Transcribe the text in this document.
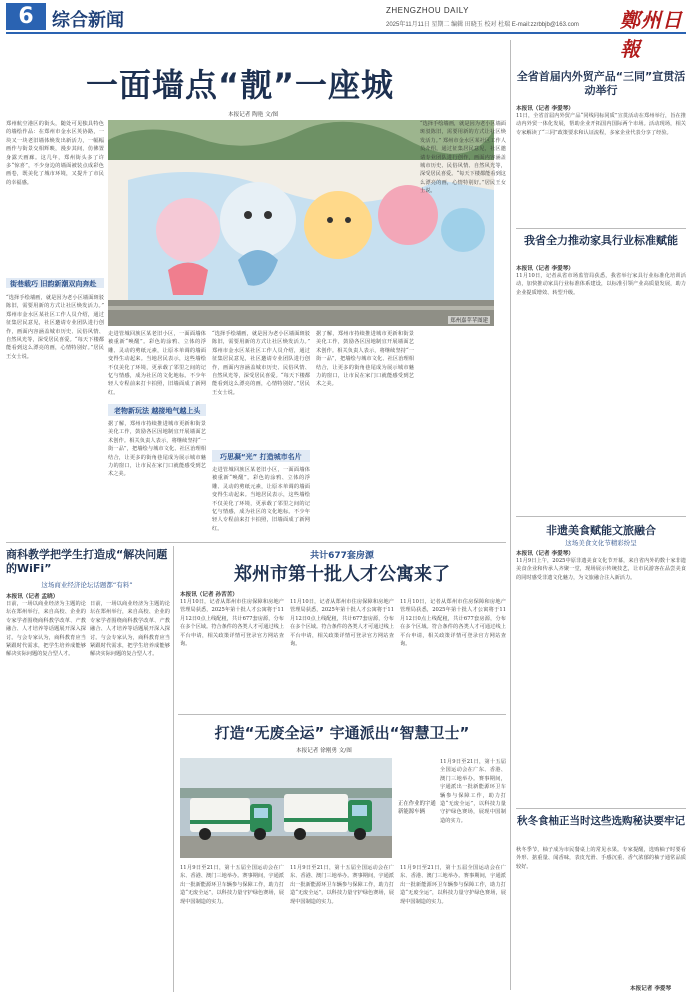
6	综合新闻	ZHENGZHOU DAILY
2025年11月11日 星期二 编辑 田晓玉 校对 杜瑞 E-mail:zzrbbjb@163.com	鄭州日報
一面墙点“靓”一座城
本报记者 陶艳 文/图
郑州嘉苹苹图建
郑州航空港区的街头，随处可见独具特色的墙绘作品：在郑州市金水区英协路，一块又一块老旧墙体焕发出新活力，一幅幅画作与街景交相辉映，漫步其间，仿佛置身露天画廊。这几年，郑州街头多了许多“惊喜”，不少身边的墙面被装点成彩色画卷，既美化了城市环境，又提升了市民的幸福感。
街巷载巧 旧韵新潮双向奔赴
“选择手绘墙画，就是因为老小区墙面斑驳陈旧，需要用新的方式让社区焕发活力。” 郑州市金水区某社区工作人员介绍，通过征集居民意见，社区邀请专业团队进行创作，画面内容涵盖城市历史、民俗风情、自然风光等，深受居民喜爱。“每天下楼都能看到这么漂亮的画，心情特别好。”居民王女士说。
走进管城回族区某老旧小区，一面面墙体被重新“唤醒”。彩色的涂鸦、立体的浮雕、灵动的剪纸元素，让原本单调的墙面变得生动起来。当地居民表示，这些墙绘不仅美化了环境，更承载了邻里之间的记忆与情感，成为社区的文化地标。不少年轻人专程前来打卡拍照，旧墙面成了新网红。
老物新玩法 越接地气越上头
据了解，郑州市持续推进城市更新和街景美化工作，鼓励各区因地制宜开展墙面艺术创作。相关负责人表示，将继续坚持“一街一品”，把墙绘与城市文化、社区治理相结合，让更多的街角巷尾成为展示城市魅力的窗口，让市民在家门口就能感受到艺术之美。
“选择手绘墙画，就是因为老小区墙面斑驳陈旧，需要用新的方式让社区焕发活力。” 郑州市金水区某社区工作人员介绍，通过征集居民意见，社区邀请专业团队进行创作，画面内容涵盖城市历史、民俗风情、自然风光等，深受居民喜爱。“每天下楼都能看到这么漂亮的画，心情特别好。”居民王女士说。
巧思凝“光” 打造城市名片
走进管城回族区某老旧小区，一面面墙体被重新“唤醒”。彩色的涂鸦、立体的浮雕、灵动的剪纸元素，让原本单调的墙面变得生动起来。当地居民表示，这些墙绘不仅美化了环境，更承载了邻里之间的记忆与情感，成为社区的文化地标。不少年轻人专程前来打卡拍照，旧墙面成了新网红。
据了解，郑州市持续推进城市更新和街景美化工作，鼓励各区因地制宜开展墙面艺术创作。相关负责人表示，将继续坚持“一街一品”，把墙绘与城市文化、社区治理相结合，让更多的街角巷尾成为展示城市魅力的窗口，让市民在家门口就能感受到艺术之美。
“选择手绘墙画，就是因为老小区墙面斑驳陈旧，需要用新的方式让社区焕发活力。” 郑州市金水区某社区工作人员介绍，通过征集居民意见，社区邀请专业团队进行创作，画面内容涵盖城市历史、民俗风情、自然风光等，深受居民喜爱。“每天下楼都能看到这么漂亮的画，心情特别好。”居民王女士说。
全省首届内外贸产品“三同”宣贯活动举行
本报讯（记者 李爱琴）
11日，全省首届内外贸产品“同线同标同质”宣贯活动在郑州举行，旨在推动内外贸一体化发展，帮助企业开拓国内国际两个市场。活动现场，相关专家解读了“三同”政策要求和认证流程，多家企业代表分享了经验。
我省全力推动家具行业标准赋能
本报讯（记者 李爱琴）
11月10日，记者从省市场监管局获悉，我省举行家具行业标准化培训活动，加快推动家具行业标准体系建设，以标准引领产业高质量发展，助力企业提质增效、转型升级。
非遗美食赋能文旅融合
这场美食文化节精彩纷呈
本报讯（记者 李爱琴）
11月9日上午，2025中原非遗美食文化节开幕，来自省内外的数十家非遗美食企业和传承人齐聚一堂，现场展示传统技艺，让市民游客在品尝美食的同时感受非遗文化魅力，为文旅融合注入新活力。
秋冬食柚正当时这些选购秘诀要牢记
秋冬季节，柚子成为市民餐桌上的常见水果。专家提醒，选购柚子时要看外形、掂重量、闻香味，表皮光滑、手感沉重、香气浓郁的柚子通常品质较好。
本报记者 李爱琴
商科教学把学生打造成“解决问题的WiFi”
这场商业经济论坛话题都“有料”
本报讯（记者 孟晓）
日前，一场以商业经济为主题的论坛在郑州举行，来自高校、企业的专家学者围绕商科教学改革、产教融合、人才培养等话题展开深入探讨。与会专家认为，商科教育应当紧跟时代需求，把学生培养成能够解决实际问题的复合型人才。
日前，一场以商业经济为主题的论坛在郑州举行，来自高校、企业的专家学者围绕商科教学改革、产教融合、人才培养等话题展开深入探讨。与会专家认为，商科教育应当紧跟时代需求，把学生培养成能够解决实际问题的复合型人才。
共计677套房源
郑州市第十批人才公寓来了
本报讯（记者 孙苦苦）
11月10日，记者从郑州市住房保障和房地产管理局获悉，2025年第十批人才公寓将于11月12日0点上线配租，共计677套房源，分布在多个区域。符合条件的各类人才可通过线上平台申请，相关政策详情可登录官方网站查询。
11月10日，记者从郑州市住房保障和房地产管理局获悉，2025年第十批人才公寓将于11月12日0点上线配租，共计677套房源，分布在多个区域。符合条件的各类人才可通过线上平台申请，相关政策详情可登录官方网站查询。
11月10日，记者从郑州市住房保障和房地产管理局获悉，2025年第十批人才公寓将于11月12日0点上线配租，共计677套房源，分布在多个区域。符合条件的各类人才可通过线上平台申请，相关政策详情可登录官方网站查询。
打造“无废全运” 宇通派出“智慧卫士”
本报记者 徐刚勇 文/图
正在作业的宇通新能源车辆
11月9日至21日，第十五届全国运动会在广东、香港、澳门三地举办。赛事期间，宇通派出一批新能源环卫车辆参与保障工作，助力打造“无废全运”，以科技力量守护绿色赛场，展现中国制造的实力。
11月9日至21日，第十五届全国运动会在广东、香港、澳门三地举办。赛事期间，宇通派出一批新能源环卫车辆参与保障工作，助力打造“无废全运”，以科技力量守护绿色赛场，展现中国制造的实力。
11月9日至21日，第十五届全国运动会在广东、香港、澳门三地举办。赛事期间，宇通派出一批新能源环卫车辆参与保障工作，助力打造“无废全运”，以科技力量守护绿色赛场，展现中国制造的实力。
11月9日至21日，第十五届全国运动会在广东、香港、澳门三地举办。赛事期间，宇通派出一批新能源环卫车辆参与保障工作，助力打造“无废全运”，以科技力量守护绿色赛场，展现中国制造的实力。
